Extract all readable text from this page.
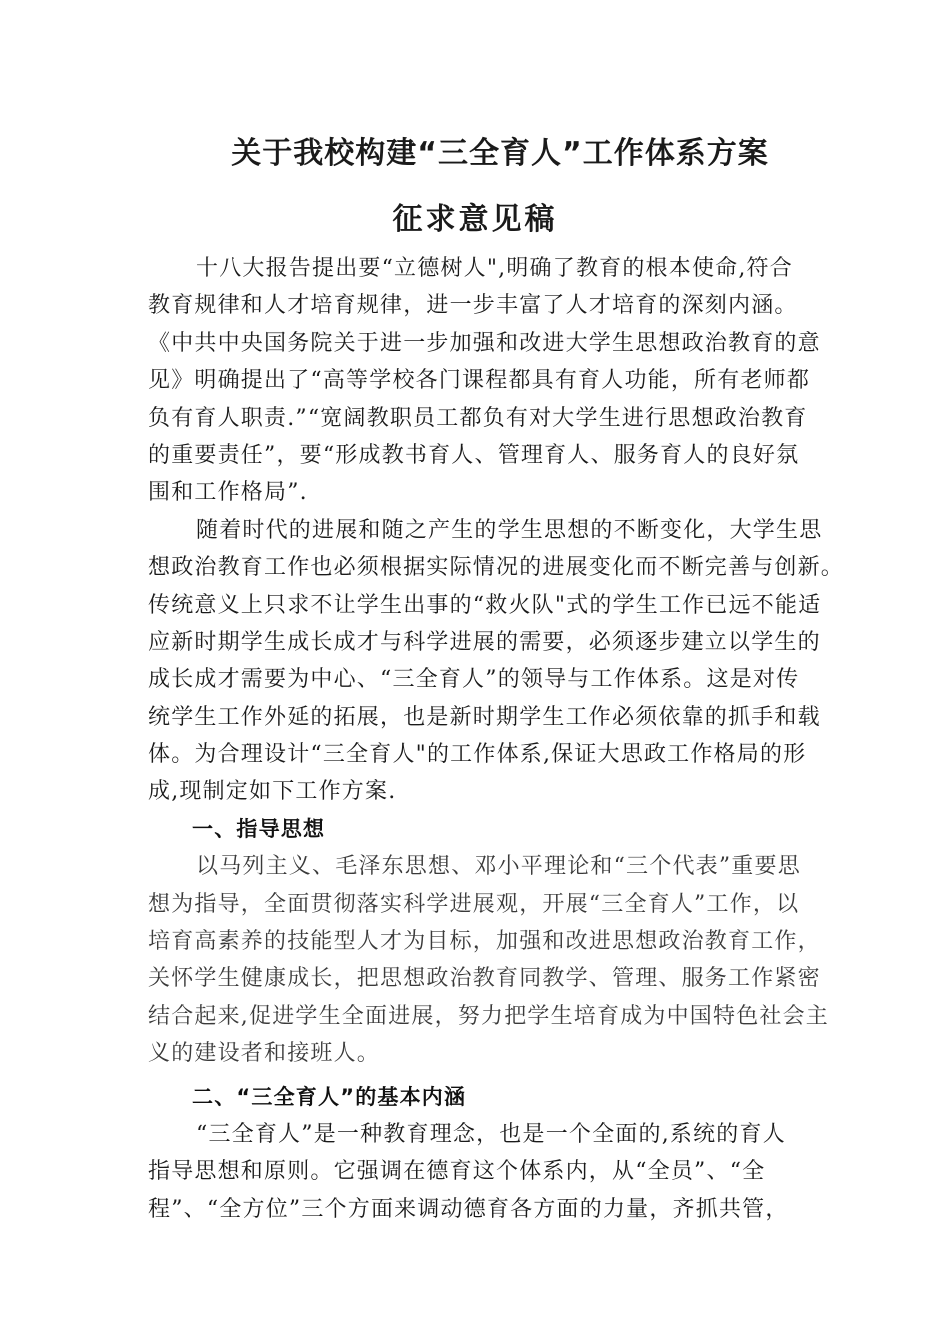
关于我校构建“三全育人”工作体系方案
征求意见稿
十八大报告提出要“立德树人",明确了教育的根本使命,符合
教育规律和人才培育规律，进一步丰富了人才培育的深刻内涵。
《中共中央国务院关于进一步加强和改进大学生思想政治教育的意
见》明确提出了“高等学校各门课程都具有育人功能，所有老师都
负有育人职责.”“宽阔教职员工都负有对大学生进行思想政治教育
的重要责任”，要“形成教书育人、管理育人、服务育人的良好氛
围和工作格局”.
随着时代的进展和随之产生的学生思想的不断变化，大学生思
想政治教育工作也必须根据实际情况的进展变化而不断完善与创新。
传统意义上只求不让学生出事的“救火队"式的学生工作已远不能适
应新时期学生成长成才与科学进展的需要，必须逐步建立以学生的
成长成才需要为中心、“三全育人”的领导与工作体系。这是对传
统学生工作外延的拓展，也是新时期学生工作必须依靠的抓手和载
体。为合理设计“三全育人"的工作体系,保证大思政工作格局的形
成,现制定如下工作方案.
一、指导思想
以马列主义、毛泽东思想、邓小平理论和“三个代表”重要思
想为指导，全面贯彻落实科学进展观，开展“三全育人”工作，以
培育高素养的技能型人才为目标，加强和改进思想政治教育工作，
关怀学生健康成长，把思想政治教育同教学、管理、服务工作紧密
结合起来,促进学生全面进展，努力把学生培育成为中国特色社会主
义的建设者和接班人。
二、“三全育人”的基本内涵
“三全育人”是一种教育理念，也是一个全面的,系统的育人
指导思想和原则。它强调在德育这个体系内，从“全员”、“全
程”、“全方位”三个方面来调动德育各方面的力量，齐抓共管，
